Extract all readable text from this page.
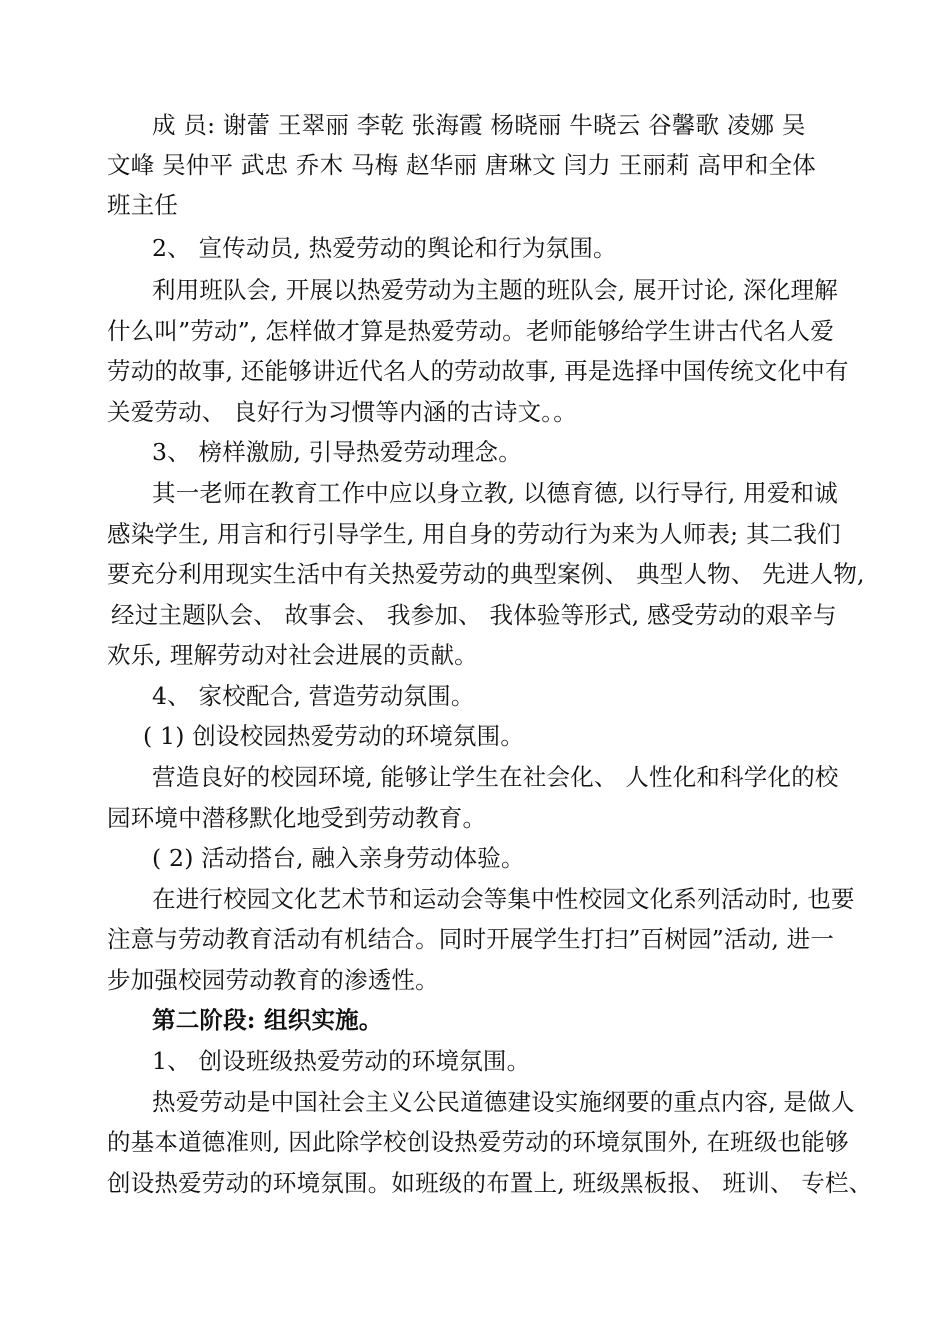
成 员: 谢蕾 王翠丽 李乾 张海霞 杨晓丽 牛晓云 谷馨歌 凌娜 吴
文峰 吴仲平 武忠 乔木 马梅 赵华丽 唐琳文 闫力 王丽莉 高甲和全体
班主任
2、 宣传动员, 热爱劳动的舆论和行为氛围。
利用班队会, 开展以热爱劳动为主题的班队会, 展开讨论, 深化理解
什么叫”劳动”, 怎样做才算是热爱劳动。老师能够给学生讲古代名人爱
劳动的故事, 还能够讲近代名人的劳动故事, 再是选择中国传统文化中有
关爱劳动、 良好行为习惯等内涵的古诗文。。
3、 榜样激励, 引导热爱劳动理念。
其一老师在教育工作中应以身立教, 以德育德, 以行导行, 用爱和诚
感染学生, 用言和行引导学生, 用自身的劳动行为来为人师表; 其二我们
要充分利用现实生活中有关热爱劳动的典型案例、 典型人物、 先进人物,
经过主题队会、 故事会、 我参加、 我体验等形式, 感受劳动的艰辛与
欢乐, 理解劳动对社会进展的贡献。
4、 家校配合, 营造劳动氛围。
( 1) 创设校园热爱劳动的环境氛围。
营造良好的校园环境, 能够让学生在社会化、 人性化和科学化的校
园环境中潜移默化地受到劳动教育。
( 2) 活动搭台, 融入亲身劳动体验。
在进行校园文化艺术节和运动会等集中性校园文化系列活动时, 也要
注意与劳动教育活动有机结合。同时开展学生打扫”百树园”活动, 进一
步加强校园劳动教育的渗透性。
第二阶段: 组织实施。
1、 创设班级热爱劳动的环境氛围。
热爱劳动是中国社会主义公民道德建设实施纲要的重点内容, 是做人
的基本道德准则, 因此除学校创设热爱劳动的环境氛围外, 在班级也能够
创设热爱劳动的环境氛围。如班级的布置上, 班级黑板报、 班训、 专栏、
